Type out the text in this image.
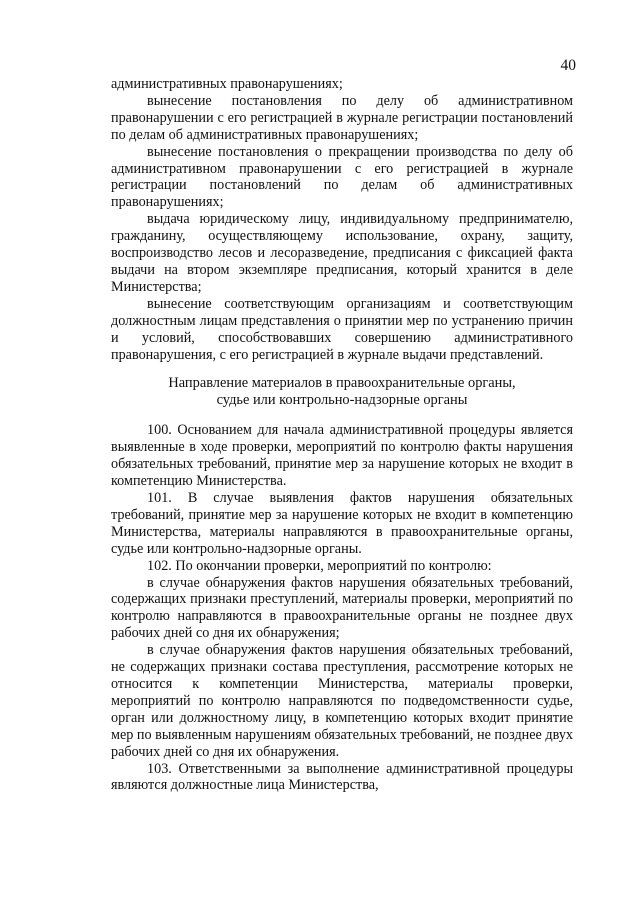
40

административных правонарушениях;

вынесение постановления по делу об административном правонарушении с его регистрацией в журнале регистрации постановлений по делам об административных правонарушениях;

вынесение постановления о прекращении производства по делу об административном правонарушении с его регистрацией в журнале регистрации постановлений по делам об административных правонарушениях;

выдача юридическому лицу, индивидуальному предпринимателю, гражданину, осуществляющему использование, охрану, защиту, воспроизводство лесов и лесоразведение, предписания с фиксацией факта выдачи на втором экземпляре предписания, который хранится в деле Министерства;

вынесение соответствующим организациям и соответствующим должностным лицам представления о принятии мер по устранению причин и условий, способствовавших совершению административного правонарушения, с его регистрацией в журнале выдачи представлений.

Направление материалов в правоохранительные органы,

судье или контрольно-надзорные органы

100. Основанием для начала административной процедуры является выявленные в ходе проверки, мероприятий по контролю факты нарушения обязательных требований, принятие мер за нарушение которых не входит в компетенцию Министерства.

101. В случае выявления фактов нарушения обязательных требований, принятие мер за нарушение которых не входит в компетенцию Министерства, материалы направляются в правоохранительные органы, судье или контрольно-надзорные органы.

102. По окончании проверки, мероприятий по контролю:

в случае обнаружения фактов нарушения обязательных требований, содержащих признаки преступлений, материалы проверки, мероприятий по контролю направляются в правоохранительные органы не позднее двух рабочих дней со дня их обнаружения;

в случае обнаружения фактов нарушения обязательных требований, не содержащих признаки состава преступления, рассмотрение которых не относится к компетенции Министерства, материалы проверки, мероприятий по контролю направляются по подведомственности судье, орган или должностному лицу, в компетенцию которых входит принятие мер по выявленным нарушениям обязательных требований, не позднее двух рабочих дней со дня их обнаружения.

103. Ответственными за выполнение административной процедуры являются должностные лица Министерства,
